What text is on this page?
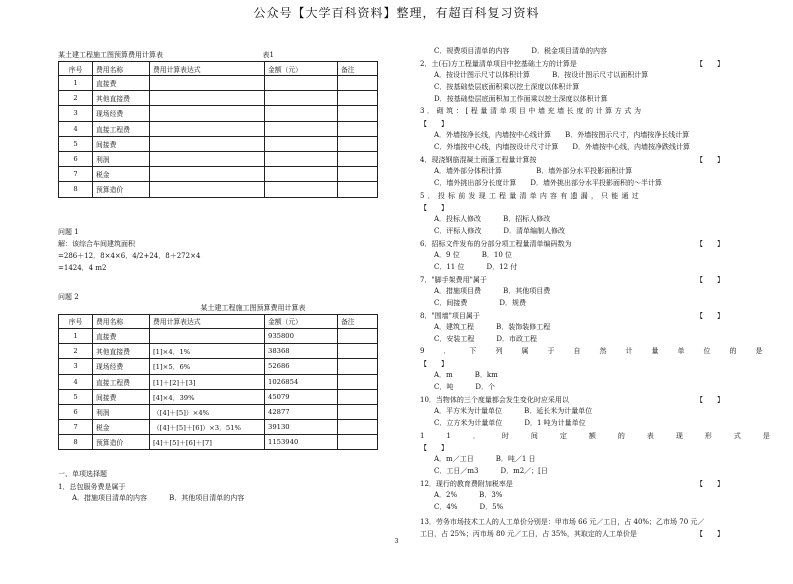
公众号【大学百科资料】整理，有超百科复习资料
某土建工程施工图预算费用计算表	表1
序号	费用名称	费用计算表达式	金额（元）	备注
1	直接费			
2	其他直接费			
3	现场经费			
4	直接工程费			
5	间接费			
6	利润			
7	税金			
8	预算造价			
问题 1
解：该综合车间建筑面积
=286＋12．8×4×6．4/2+24．8＋272×4
=1424．4 m2
问题 2
某土建工程施工图预算费用计算表
序号	费用名称	费用计算表达式	金额（元）	备注
1	直接费		935800	
2	其他直接费	[1]×4．1%	38368	
3	现场经费	[1]×5．6%	52686	
4	直接工程费	[1]＋[2]＋[3]	1026854	
5	间接费	[4]×4．39%	45079	
6	利润	（[4]＋[5]）×4%	42877	
7	税金	（[4]＋[5]＋[6]）×3．51%	39130	
8	预算造价	[4]＋[5]＋[6]＋[7]	1153940	
一、单项选择题
1．总包服务费是属于
A．措施项目清单的内容	B．其他项目清单的内容
C．规费项目清单的内容	D．税金项目清单的内容
2．土(石)方工程量清单项目中挖基础土方的计算是	【　　】
A．按设计图示尺寸以体积计算	B．按设计图示尺寸以面积计算
C．按基础垫层底面积乘以挖土深度以体积计算
D．按基础垫层底面积加工作面乘以挖土深度以体积计算
3．砌筑：[程量清单项目中墙充墙长度的计算方式为
【　　】
A．外墙按净长线，内墙按中心线计算 B．外墙按图示尺寸，内墙按净长线计算
C．外墙按中心线，内墙按设计尺寸计算 D．外墙按中心线，内墙按净跌线计算
4．现浇钢筋混凝土雨蓬工程量计算按	【　　】
A．墙外部分体积计算	B．墙外部分水平投影面积计算
C．墙外挑出部分长度计算 D．墙外挑出部分水平投影面积的～半计算
5．投标前发现工程量清单内容有遗漏，只能通过
【　　】
A．投标人修改	B．招标人修改
C．评标人修改	D．清单编制人修改
6．招标文件发布的分部分项工程量清单编码数为	【　　】
A．9 位	B．10 位
C．11 位	D．12 付
7．"脚手架费用"属于	【　　】
A．措施项目费	B．其他项目费
C．间接费	D．规费
8．"围墙"项目属于	【　　】
A．建筑工程	B．装饰装修工程
C．安装工程	D．市政工程
9．下列属于自然计量单位的是
【　　】
A．m	B．km
C．吨	D．个
10．当物体的三个度量都会发生变化时应采用以	【　　】
A．平方米为计量单位	B．延长米为计量单位
C．立方米为计量单位	D．1 吨为计量单位
11．时间定额的表现形式是
【　　】
A．m／工日	B．吨／1 日
C．工日／m3	D．m2／；[日
12．现行的教育费附加税率是	【　　】
A．2%	B．3%
C．4%	D．5%
13．劳务市场技术工人的人工单价分别是：甲市场 66 元／工日，占 40%；乙市场 70 元／
工日，占 25%；丙市场 80 元／工日，占 35%，其取定的人工单价是	【　　】
3
